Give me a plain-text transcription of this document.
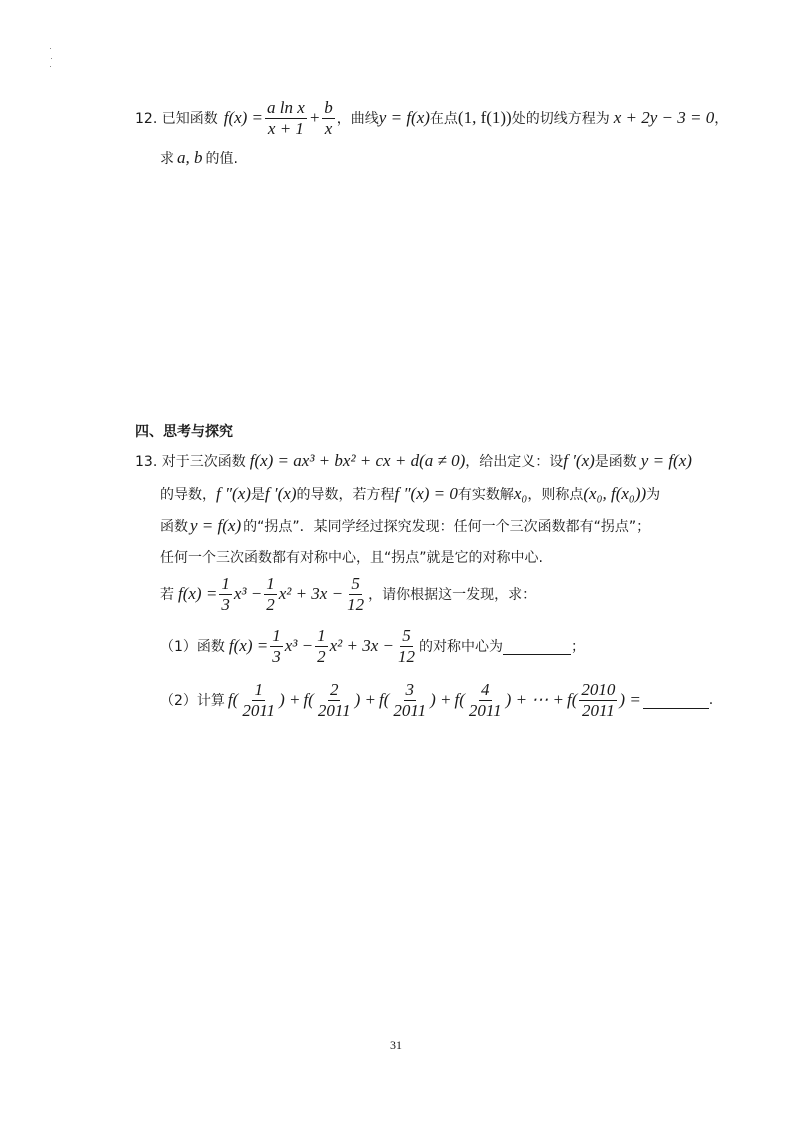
12. 已知函数 $f(x) = \frac{\text{a ln x}}{x + 1} + \frac{b}{x}$ ，曲线 y = f(x) 在点 (1, f(1)) 处的切线方程为 x + 2y − 3 = 0 ，
求 a, b 的值.
四、思考与探究
13. 对于三次函数 f(x) = ax³ + bx² + cx + d(a ≠ 0) ，给出定义：设 f ′(x) 是函数 y = f(x)
的导数， f ″(x) 是 f ′(x) 的导数，若方程 f ″(x) = 0 有实数解 x₀ ，则称点 (x₀, f(x₀)) 为
函数 y = f(x) 的“拐点”．某同学经过探究发现：任何一个三次函数都有“拐点”；
任何一个三次函数都有对称中心，且“拐点”就是它的对称中心.
若 $f(x) = \frac{1}{3} x^3 - \frac{1}{2} x^2 + 3x - \frac{5}{12}$ ，请你根据这一发现，求：
（1）函数 $f(x) = \frac{1}{3} x^3 - \frac{1}{2} x^2 + 3x - \frac{5}{12}$ 的对称中心为	；
（2）计算 $f( \frac{1}{2011}$ ) + $f( \frac{2}{2011}$ ) + $f( \frac{3}{2011}$ ) + $f( \frac{4}{2011}$ ) + ⋯ + $f( \frac{2010}{2011}$ ) =	.
31
